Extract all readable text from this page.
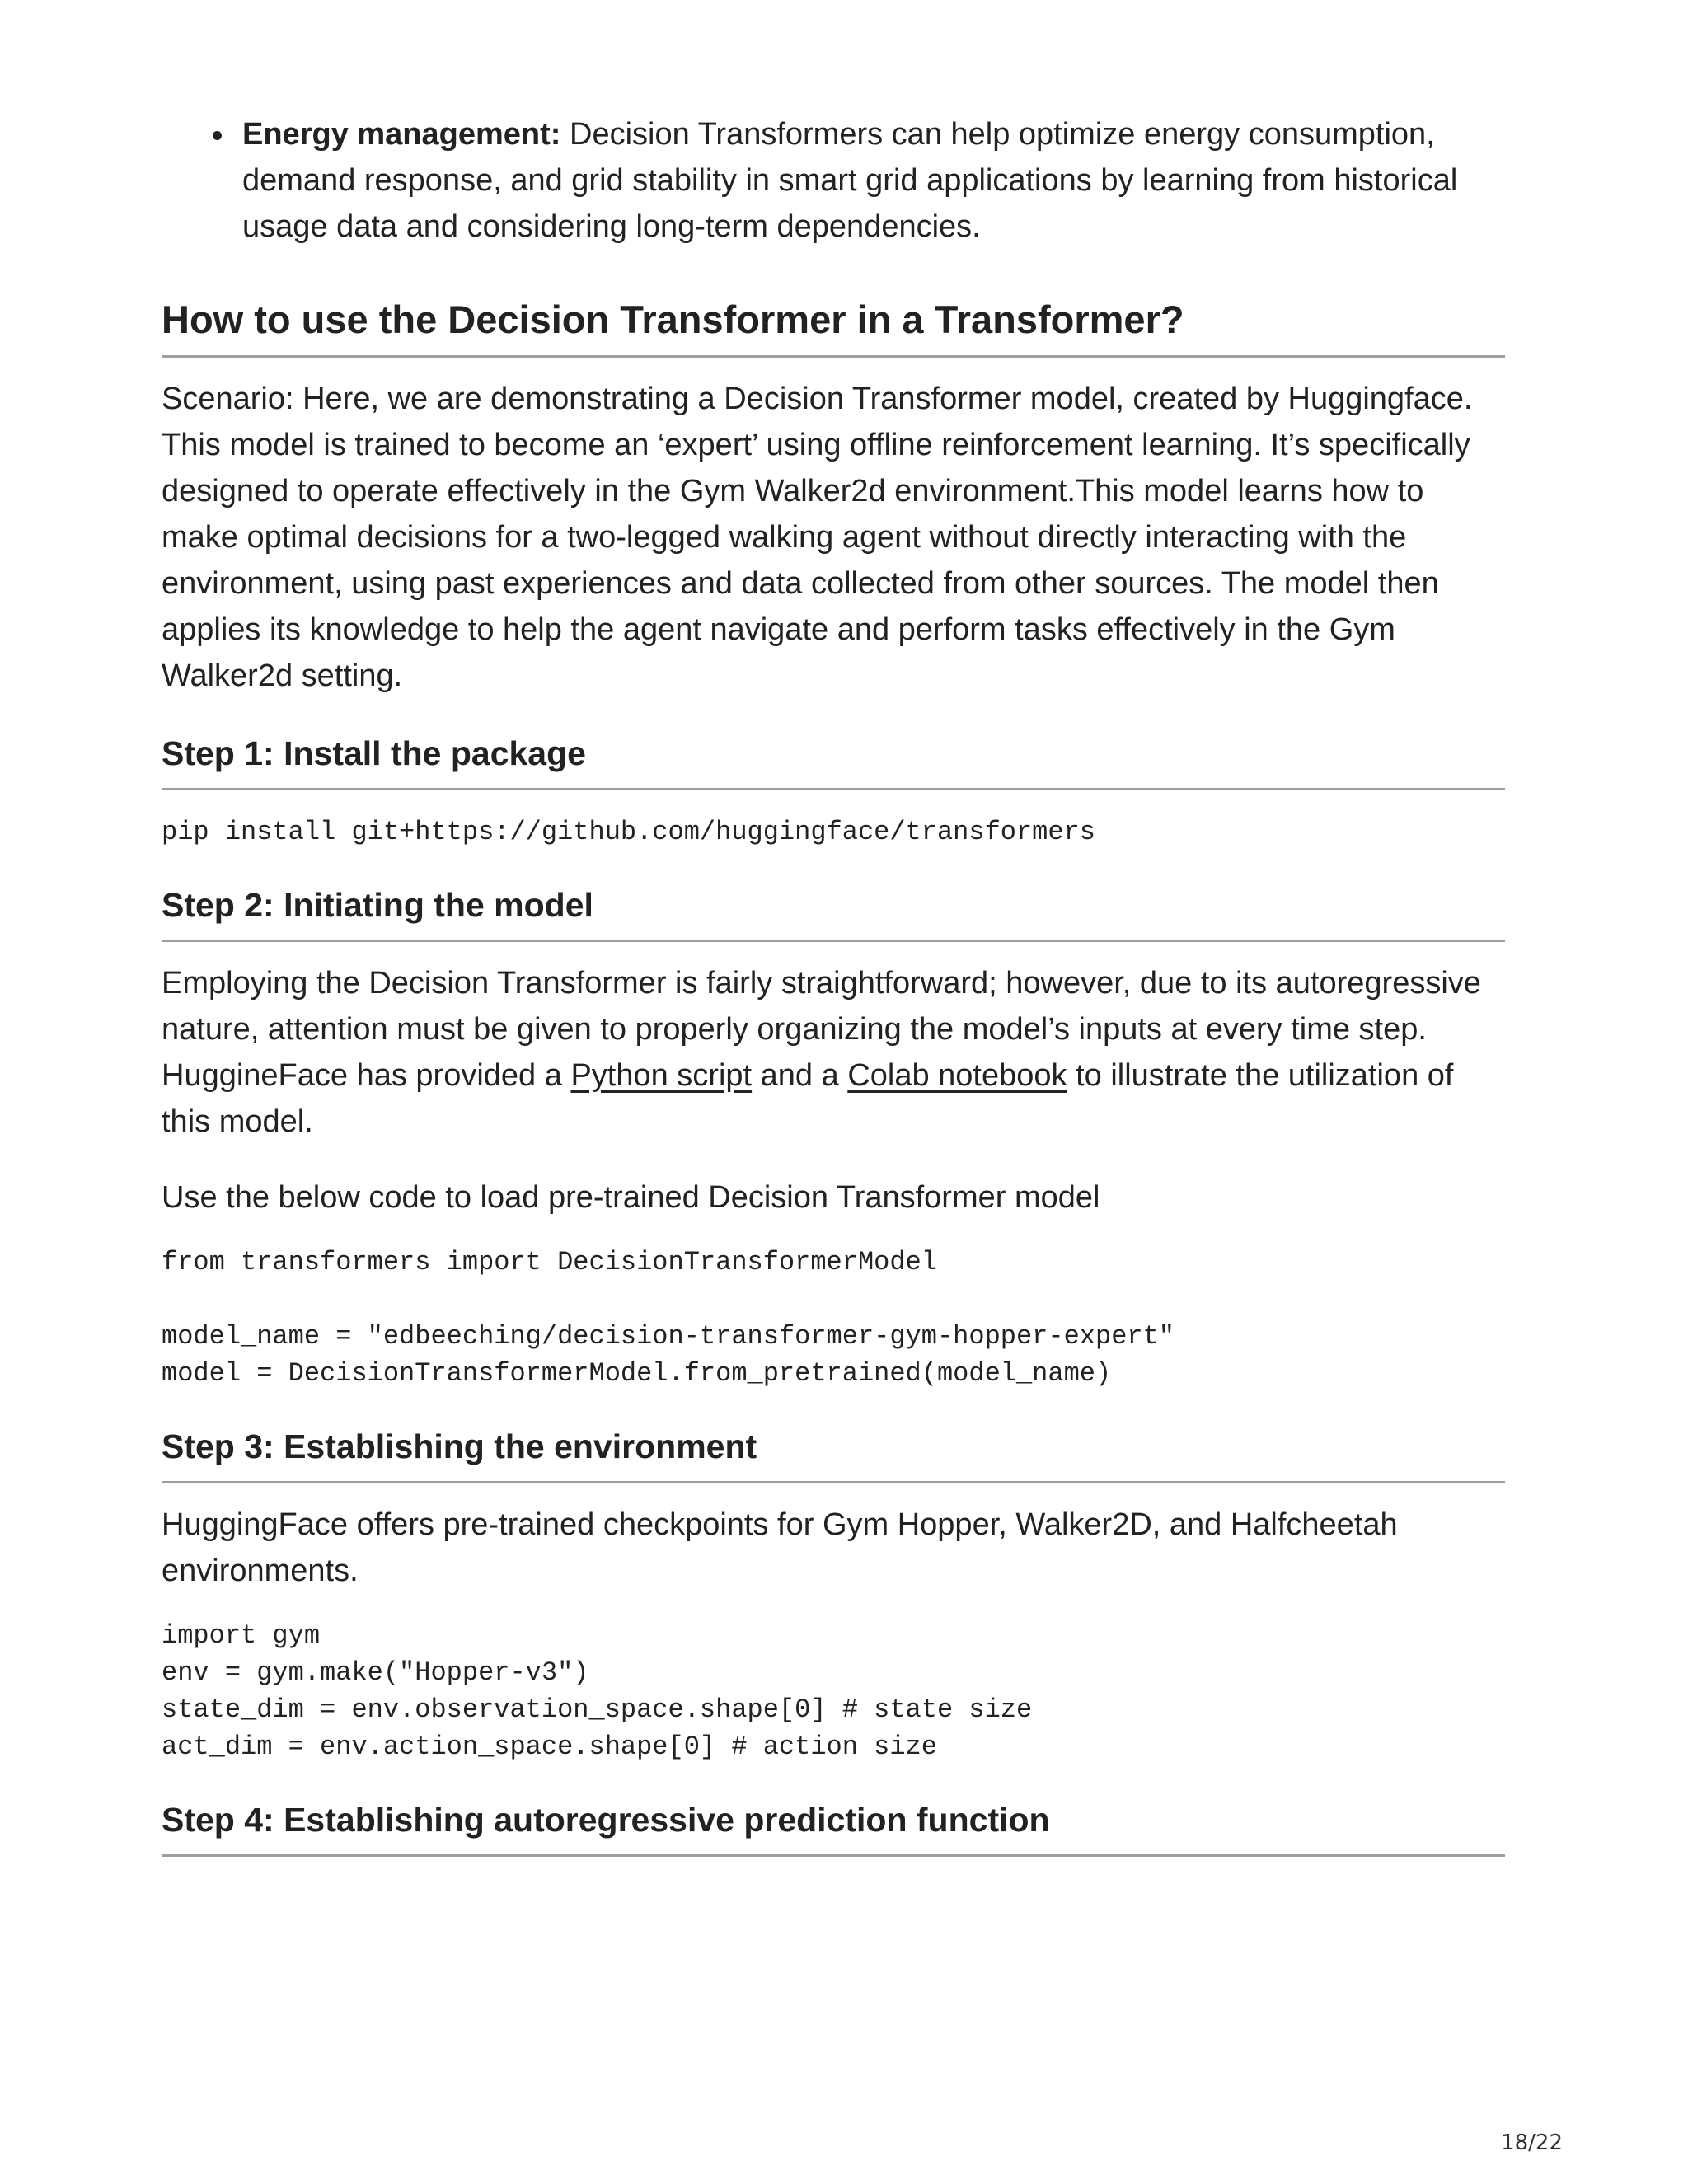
Energy management: Decision Transformers can help optimize energy consumption, demand response, and grid stability in smart grid applications by learning from historical usage data and considering long-term dependencies.
How to use the Decision Transformer in a Transformer?

Scenario: Here, we are demonstrating a Decision Transformer model, created by Huggingface. This model is trained to become an ‘expert’ using offline reinforcement learning. It’s specifically designed to operate effectively in the Gym Walker2d environment.This model learns how to make optimal decisions for a two-legged walking agent without directly interacting with the environment, using past experiences and data collected from other sources. The model then applies its knowledge to help the agent navigate and perform tasks effectively in the Gym Walker2d setting.

Step 1: Install the package
pip install git+https://github.com/huggingface/transformers
Step 2: Initiating the model

Employing the Decision Transformer is fairly straightforward; however, due to its autoregressive nature, attention must be given to properly organizing the model’s inputs at every time step. HuggineFace has provided a Python script and a Colab notebook to illustrate the utilization of this model.

Use the below code to load pre-trained Decision Transformer model

from transformers import DecisionTransformerModel

model_name = "edbeeching/decision-transformer-gym-hopper-expert"
model = DecisionTransformerModel.from_pretrained(model_name)
Step 3: Establishing the environment

HuggingFace offers pre-trained checkpoints for Gym Hopper, Walker2D, and Halfcheetah environments.

import gym
env = gym.make("Hopper-v3")
state_dim = env.observation_space.shape[0] # state size
act_dim = env.action_space.shape[0] # action size
Step 4: Establishing autoregressive prediction function
18/22
